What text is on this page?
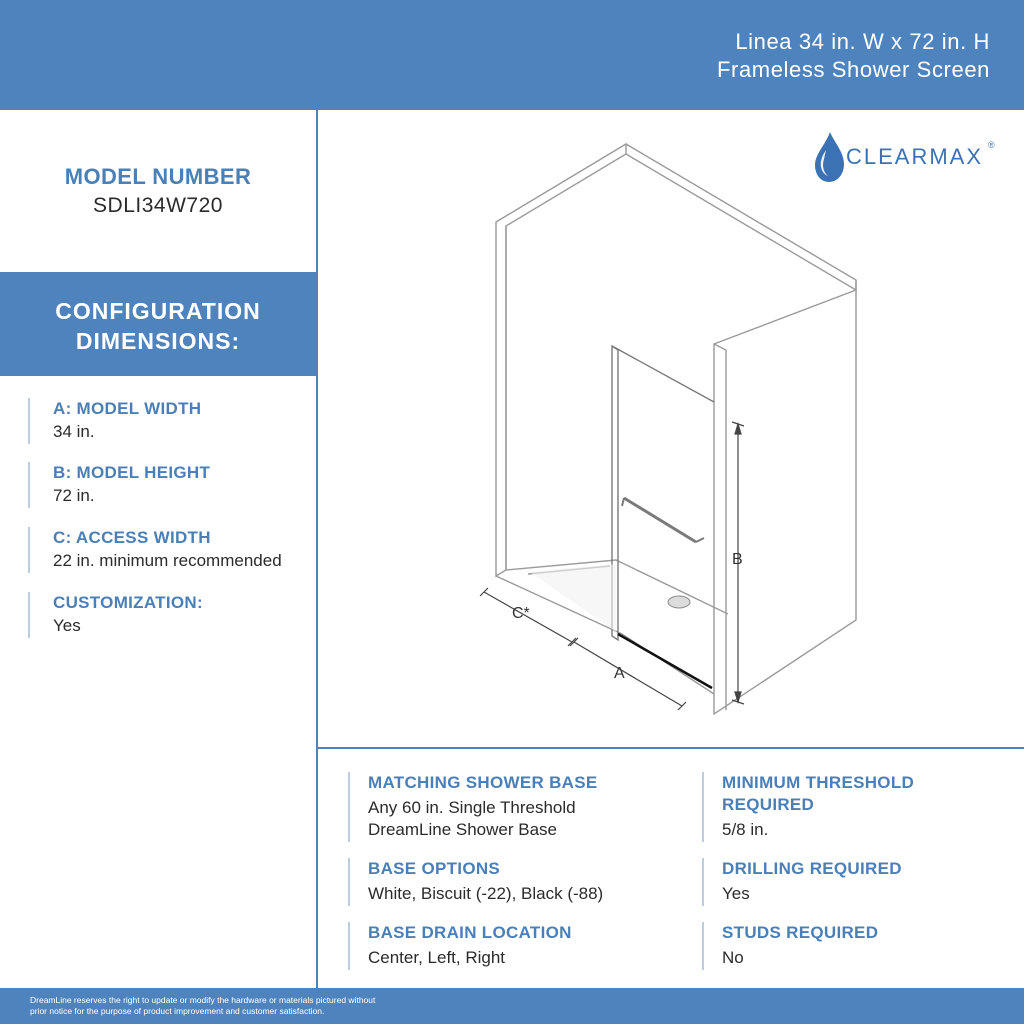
Linea 34 in. W x 72 in. H
Frameless Shower Screen
MODEL NUMBER
SDLI34W720
CONFIGURATION
DIMENSIONS:
A: MODEL WIDTH
34 in.
B: MODEL HEIGHT
72 in.
C: ACCESS WIDTH
22 in. minimum recommended
CUSTOMIZATION:
Yes
CLEARMAX ®
B
A
C*
MATCHING SHOWER BASE
Any 60 in. Single Threshold
DreamLine Shower Base
BASE OPTIONS
White, Biscuit (-22), Black (-88)
BASE DRAIN LOCATION
Center, Left, Right
MINIMUM THRESHOLD
REQUIRED
5/8 in.
DRILLING REQUIRED
Yes
STUDS REQUIRED
No
DreamLine reserves the right to update or modify the hardware or materials pictured without
prior notice for the purpose of product improvement and customer satisfaction.
